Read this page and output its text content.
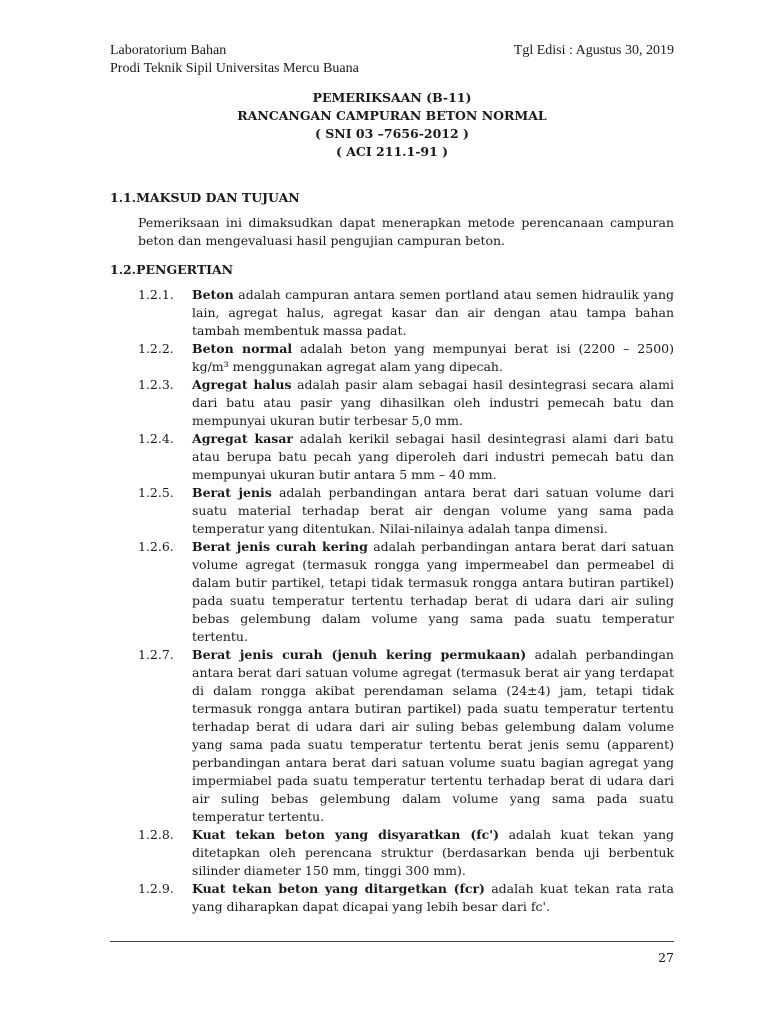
Laboratorium Bahan
Prodi Teknik Sipil Universitas Mercu Buana
Tgl Edisi : Agustus 30, 2019
PEMERIKSAAN (B-11)
RANCANGAN CAMPURAN BETON NORMAL
( SNI 03 –7656-2012 )
( ACI 211.1-91 )
1.1.MAKSUD DAN TUJUAN
Pemeriksaan ini dimaksudkan dapat menerapkan metode perencanaan campuran beton dan mengevaluasi hasil pengujian campuran beton.
1.2.PENGERTIAN
1.2.1.	Beton adalah campuran antara semen portland atau semen hidraulik yang lain, agregat halus, agregat kasar dan air dengan atau tampa bahan tambah membentuk massa padat.
1.2.2.	Beton normal adalah beton yang mempunyai berat isi (2200 – 2500) kg/m³ menggunakan agregat alam yang dipecah.
1.2.3.	Agregat halus adalah pasir alam sebagai hasil desintegrasi secara alami dari batu atau pasir yang dihasilkan oleh industri pemecah batu dan mempunyai ukuran butir terbesar 5,0 mm.
1.2.4.	Agregat kasar adalah kerikil sebagai hasil desintegrasi alami dari batu atau berupa batu pecah yang diperoleh dari industri pemecah batu dan mempunyai ukuran butir antara 5 mm – 40 mm.
1.2.5.	Berat jenis adalah perbandingan antara berat dari satuan volume dari suatu material terhadap berat air dengan volume yang sama pada temperatur yang ditentukan. Nilai-nilainya adalah tanpa dimensi.
1.2.6.	Berat jenis curah kering adalah perbandingan antara berat dari satuan volume agregat (termasuk rongga yang impermeabel dan permeabel di dalam butir partikel, tetapi tidak termasuk rongga antara butiran partikel) pada suatu temperatur tertentu terhadap berat di udara dari air suling bebas gelembung dalam volume yang sama pada suatu temperatur tertentu.
1.2.7.	Berat jenis curah (jenuh kering permukaan) adalah perbandingan antara berat dari satuan volume agregat (termasuk berat air yang terdapat di dalam rongga akibat perendaman selama (24±4) jam, tetapi tidak termasuk rongga antara butiran partikel) pada suatu temperatur tertentu terhadap berat di udara dari air suling bebas gelembung dalam volume yang sama pada suatu temperatur tertentu berat jenis semu (apparent) perbandingan antara berat dari satuan volume suatu bagian agregat yang impermiabel pada suatu temperatur tertentu terhadap berat di udara dari air suling bebas gelembung dalam volume yang sama pada suatu temperatur tertentu.
1.2.8.	Kuat tekan beton yang disyaratkan (fc') adalah kuat tekan yang ditetapkan oleh perencana struktur (berdasarkan benda uji berbentuk silinder diameter 150 mm, tinggi 300 mm).
1.2.9.	Kuat tekan beton yang ditargetkan (fcr) adalah kuat tekan rata rata yang diharapkan dapat dicapai yang lebih besar dari fc'.
27
